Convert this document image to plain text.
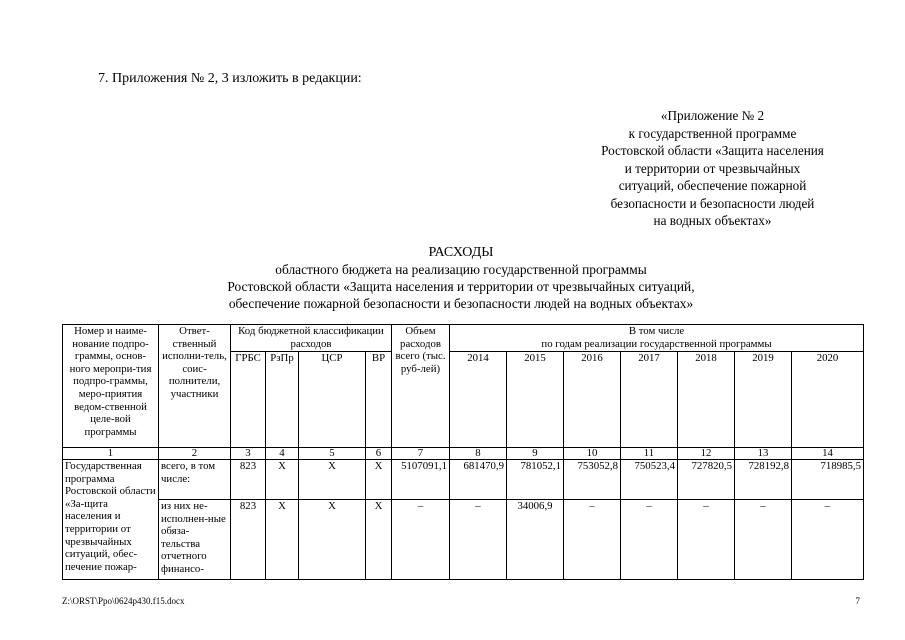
7. Приложения № 2, 3 изложить в редакции:
«Приложение № 2
к государственной программе
Ростовской области «Защита населения
и территории от чрезвычайных
ситуаций, обеспечение пожарной
безопасности и безопасности людей
на водных объектах»
РАСХОДЫ
областного бюджета на реализацию государственной программы
Ростовской области «Защита населения и территории от чрезвычайных ситуаций,
обеспечение пожарной безопасности и безопасности людей на водных объектах»
Номер и наиме-нование подпро-граммы, основ-ного меропри-тия подпро-граммы, меро-приятия ведом-ственной целе-вой программы	Ответ-ственный исполни-тель, соис-полнители, участники	Код бюджетной классификации расходов				Объем расходов всего (тыс. руб-лей)	В том числе
по годам реализации государственной программы						

		ГРБС	РзПр	ЦСР	ВР		2014	2015	2016	2017	2018	2019	2020
1	2	3	4	5	6	7	8	9	10	11	12	13	14
Государственная программа Ростовской области «За-щита населения и территории от чрезвычайных ситуаций, обес-печение пожар-	всего, в том числе:	823	Х	Х	Х	5107091,1	681470,9	781052,1	753052,8	750523,4	727820,5	728192,8	718985,5
	из них не-исполнен-ные обяза-тельства отчетного финансо-	823	Х	Х	Х	–	–	34006,9	–	–	–	–	–
Z:\ORST\Ppo\0624p430.f15.docx	7
